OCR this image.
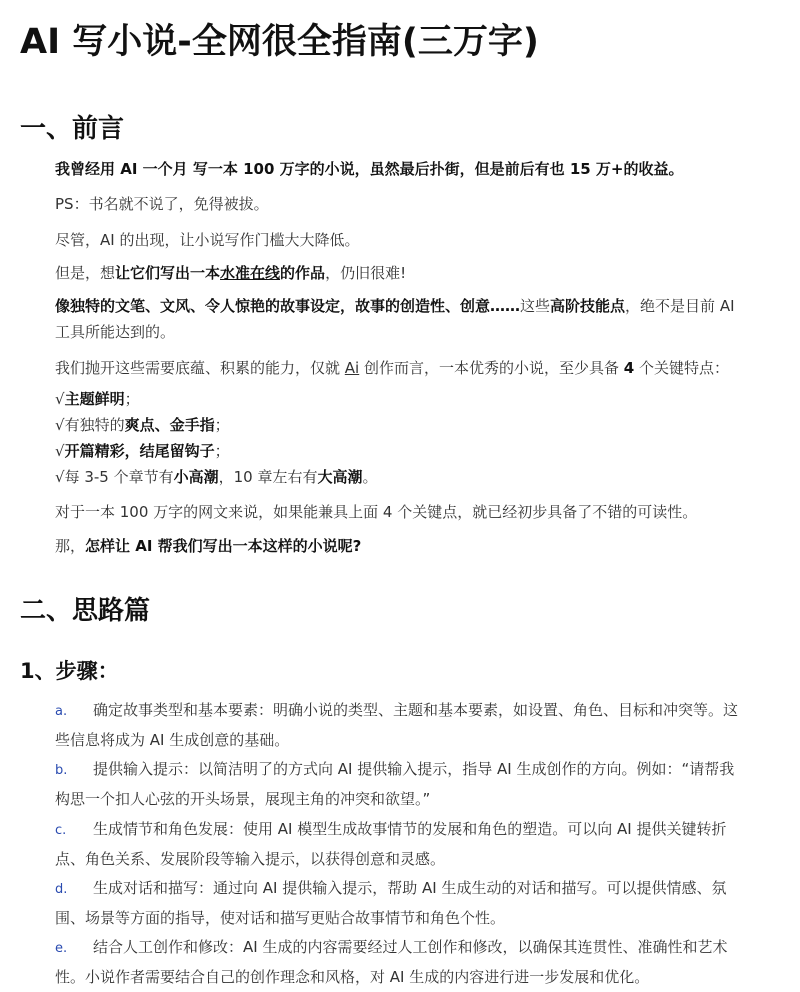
AI 写小说-全网很全指南(三万字)
一、前言
我曾经用 AI 一个月 写一本 100 万字的小说，虽然最后扑街，但是前后有也 15 万+的收益。
PS：书名就不说了，免得被拔。
尽管，AI 的出现，让小说写作门槛大大降低。
但是，想让它们写出一本水准在线的作品，仍旧很难!
像独特的文笔、文风、令人惊艳的故事设定，故事的创造性、创意……这些高阶技能点，绝不是目前 AI
工具所能达到的。
我们抛开这些需要底蕴、积累的能力，仅就 Ai 创作而言，一本优秀的小说，至少具备 4 个关键特点：
√主题鲜明；
√有独特的爽点、金手指；
√开篇精彩，结尾留钩子；
√每 3-5 个章节有小高潮，10 章左右有大高潮。
对于一本 100 万字的网文来说，如果能兼具上面 4 个关键点，就已经初步具备了不错的可读性。
那，怎样让 AI 帮我们写出一本这样的小说呢?
二、思路篇
1、步骤：
a. 确定故事类型和基本要素：明确小说的类型、主题和基本要素，如设置、角色、目标和冲突等。这
些信息将成为 AI 生成创意的基础。
b. 提供输入提示：以简洁明了的方式向 AI 提供输入提示，指导 AI 生成创作的方向。例如：“请帮我
构思一个扣人心弦的开头场景，展现主角的冲突和欲望。”
c. 生成情节和角色发展：使用 AI 模型生成故事情节的发展和角色的塑造。可以向 AI 提供关键转折
点、角色关系、发展阶段等输入提示，以获得创意和灵感。
d. 生成对话和描写：通过向 AI 提供输入提示，帮助 AI 生成生动的对话和描写。可以提供情感、氛
围、场景等方面的指导，使对话和描写更贴合故事情节和角色个性。
e. 结合人工创作和修改：AI 生成的内容需要经过人工创作和修改，以确保其连贯性、准确性和艺术
性。小说作者需要结合自己的创作理念和风格，对 AI 生成的内容进行进一步发展和优化。
